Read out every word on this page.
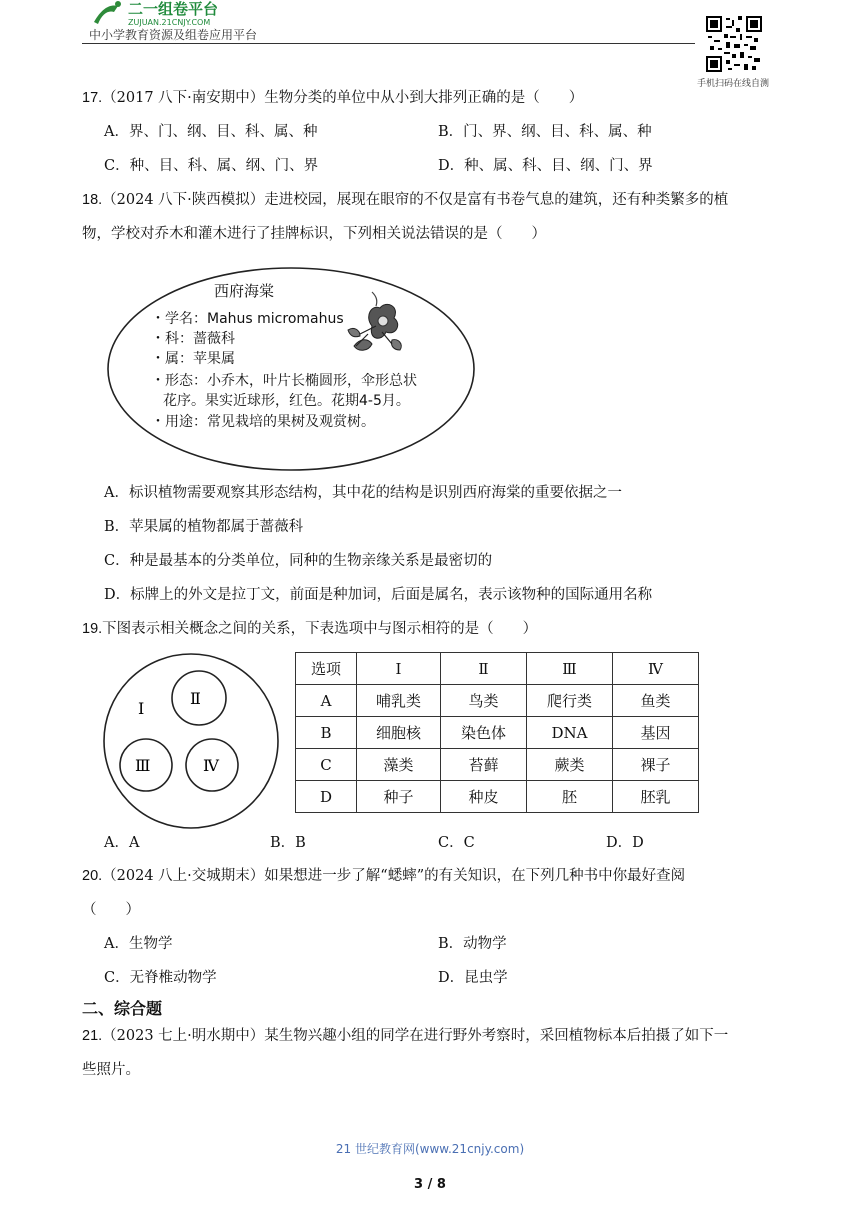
二一组卷平台
ZUJUAN.21CNJY.COM
中小学教育资源及组卷应用平台
手机扫码在线自测
17.（2017 八下·南安期中）生物分类的单位中从小到大排列正确的是（　　）
A．界、门、纲、目、科、属、种	B．门、界、纲、目、科、属、种
C．种、目、科、属、纲、门、界	D．种、属、科、目、纲、门、界
18.（2024 八下·陕西模拟）走进校园，展现在眼帘的不仅是富有书卷气息的建筑，还有种类繁多的植
物，学校对乔木和灌木进行了挂牌标识，下列相关说法错误的是（　　）
西府海棠
・学名：Mahus micromahus
・科：蔷薇科
・属：苹果属
・形态：小乔木，叶片长椭圆形，伞形总状
花序。果实近球形，红色。花期4-5月。
・用途：常见栽培的果树及观赏树。
A．标识植物需要观察其形态结构，其中花的结构是识别西府海棠的重要依据之一
B．苹果属的植物都属于蔷薇科
C．种是最基本的分类单位，同种的生物亲缘关系是最密切的
D．标牌上的外文是拉丁文，前面是种加词，后面是属名，表示该物种的国际通用名称
19.下图表示相关概念之间的关系，下表选项中与图示相符的是（　　）
Ⅰ
Ⅱ
Ⅲ	Ⅳ
选项	Ⅰ	Ⅱ	Ⅲ	Ⅳ
A	哺乳类	鸟类	爬行类	鱼类
B	细胞核	染色体	DNA	基因
C	藻类	苔藓	蕨类	裸子
D	种子	种皮	胚	胚乳
A．A	B．B	C．C	D．D
20.（2024 八上·交城期末）如果想进一步了解“蟋蟀”的有关知识，在下列几种书中你最好查阅
（　　）
A．生物学	B．动物学
C．无脊椎动物学	D．昆虫学
二、综合题
21.（2023 七上·明水期中）某生物兴趣小组的同学在进行野外考察时，采回植物标本后拍摄了如下一
些照片。
21 世纪教育网(www.21cnjy.com)
3 / 8
